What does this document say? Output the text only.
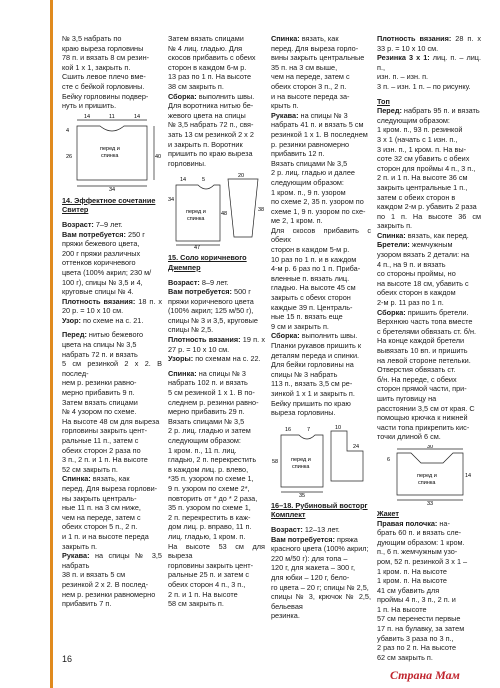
№ 3,5 набрать по
краю выреза горловины
78 п. и вязать 8 см резин-
кой 1 х 1, закрыть п.
Сшить левое плечо вме-
сте с бейкой горловины.
Бейку горловины подвер-
нуть и пришить.
14	11	14
4
26	40
перед и
спинка
34

14. Эффектное сочетание

Свитер

Возраст: 7–9 лет.

Вам потребуется: 250 г
пряжи бежевого цвета,
200 г пряжи различных
оттенков коричневого
цвета (100% акрил; 230 м/
100 г), спицы № 3,5 и 4,
круговые спицы № 4.

Плотность вязания: 18 п. х 20 р. = 10 х 10 см.

Узор: по схеме на с. 21.

Перед: нитью бежевого
цвета на спицы № 3,5
набрать 72 п. и вязать
5 см резинкой 2 х 2. В послед-
нем р. резинки равно-
мерно прибавить 9 п.
Затем вязать спицами
№ 4 узором по схеме.
На высоте 48 см для выреза
горловины закрыть цент-
ральные 11 п., затем с
обеих сторон 2 раза по
3 п., 2 п. и 1 п. На высоте
52 см закрыть п.

Спинка: вязать, как
перед. Для выреза горлови-
ны закрыть централь-
ные 11 п. на 3 см ниже,
чем на переде, затем с
обеих сторон 5 п., 2 п.
и 1 п. и на высоте переда
закрыть п.

Рукава: на спицы № 3,5 набрать
38 п. и вязать 5 см
резинкой 2 х 2. В послед-
нем р. резинки равномерно
прибавить 7 п.

Затем вязать спицами
№ 4 лиц. гладью. Для
скосов прибавить с обеих
сторон в каждом 6-м р.
13 раз по 1 п. На высоте
38 см закрыть п.

Сборка: выполнить швы.
Для воротника нитью бе-
жевого цвета на спицы
№ 3,5 набрать 72 п., свя-
зать 13 см резинкой 2 х 2
и закрыть п. Воротник
пришить по краю выреза
горловины.

14	5
20
38
34
48
перед и
спинка
47

15. Соло коричневого

Джемпер

Возраст: 8–9 лет.

Вам потребуется: 500 г
пряжи коричневого цвета
(100% акрил; 125 м/50 г),
спицы № 3 и 3,5, круговые
спицы № 2,5.

Плотность вязания: 19 п. х 27 р. = 10 х 10 см.

Узоры: по схемам на с. 22.

Спинка: на спицы № 3
набрать 102 п. и вязать
5 см резинкой 1 х 1. В по-
следнем р. резинки равно-
мерно прибавить 29 п.
Вязать спицами № 3,5
2 р. лиц. гладью и затем
следующим образом:
1 кром. п., 11 п. лиц.
гладью, 2 п. перекрестить
в каждом лиц. р. влево,
*35 п. узором по схеме 1,
9 п. узором по схеме 2*,
повторить от * до * 2 раза,
35 п. узором по схеме 1,
2 п. перекрестить в каж-
дом лиц. р. вправо, 11 п.
лиц. гладью, 1 кром. п.
На высоте 53 см для выреза
горловины закрыть цент-
ральные 25 п. и затем с
обеих сторон 4 п., 3 п.,
2 п. и 1 п. На высоте
58 см закрыть п.

Спинка: вязать, как
перед. Для выреза горло-
вины закрыть центральные
35 п. на 3 см выше,
чем на переде, затем с
обеих сторон 3 п., 2 п.
и на высоте переда за-
крыть п.

Рукава: на спицы № 3
набрать 41 п. и вязать 5 см
резинкой 1 х 1. В последнем
р. резинки равномерно
прибавить 12 п.
Вязать спицами № 3,5
2 р. лиц. гладью и далее
следующим образом:
1 кром. п., 9 п. узором
по схеме 2, 35 п. узором по
схеме 1, 9 п. узором по схе-
ме 2, 1 кром. п.
Для скосов прибавить с обеих
сторон в каждом 5-м р.
10 раз по 1 п. и в каждом
4-м р. 6 раз по 1 п. Приба-
вленные п. вязать лиц.
гладью. На высоте 45 см
закрыть с обеих сторон
каждые 39 п. Централь-
ные 15 п. вязать еще
9 см и закрыть п.

Сборка: выполнить швы.
Планки рукавов пришить к
деталям переда и спинки.
Для бейки горловины на
спицы № 3 набрать
113 п., вязать 3,5 см ре-
зинкой 1 х 1 и закрыть п.
Бейку пришить по краю
выреза горловины.

16	7	10
24
58 перед и
спинка
35

16–18. Рубиновый восторг

Комплект

Возраст: 12–13 лет.

Вам потребуется: пряжа
красного цвета (100% акрил;
220 м/50 г): для топа –
120 г, для жакета – 300 г,
для юбки – 120 г, бело-
го цвета – 20 г; спицы № 2,5,
спицы № 3, крючок № 2,5, бельевая
резинка.

Плотность вязания: 28 п. х 33 р. = 10 х 10 см.

Резинка 3 х 1: лиц. п. – лиц. п.,
изн. п. – изн. п.
3 п. – изн. 1 п. – по рисунку.

Топ

Перед: набрать 95 п. и вязать
следующим образом:
1 кром. п., 93 п. резинкой
3 х 1 (начать с 1 изн. п.,
3 изн. п., 1 кром. п. На вы-
соте 32 см убавить с обеих
сторон для проймы 4 п., 3 п.,
2 п. и 1 п. На высоте 36 см
закрыть центральные 1 п.,
затем с обеих сторон в
каждом 2-м р. убавить 2 раза
по 1 п. На высоте 36 см закрыть п.

Спинка: вязать, как перед.

Бретели: жемчужным
узором вязать 2 детали: на
4 п., на 9 п. и вязать
со стороны проймы, но
на высоте 18 см, убавить с
обеих сторон в каждом
2-м р. 11 раз по 1 п.

Сборка: пришить бретели.
Верхнюю часть топа вместе
с бретелями обвязать ст. б/н.
На конце каждой бретели
вывязать 10 вп. и пришить
на левой стороне петельки.
Отверстия обвязать ст.
б/н. На переде, с обеих
сторон прямой части, при-
шить пуговицу на
расстоянии 3,5 см от края. С
помощью крючка к нижней
части топа прикрепить кис-
точки длиной 6 см.

30
перед и
спинка
6
33
14

Жакет

Правая полочка: на-
брать 60 п. и вязать сле-
дующим образом: 1 кром.
п., 6 п. жемчужным узо-
ром, 52 п. резинкой 3 х 1 –
1 кром. п. На высоте
1 кром. п. На высоте
41 см убавить для
проймы 4 п., 3 п., 2 п. и
1 п. На высоте
57 см перенести первые
17 п. на булавку, за затем
убавить 3 раза по 3 п.,
2 раз по 2 п. На высоте
62 см закрыть п.

16
Страна Мам
